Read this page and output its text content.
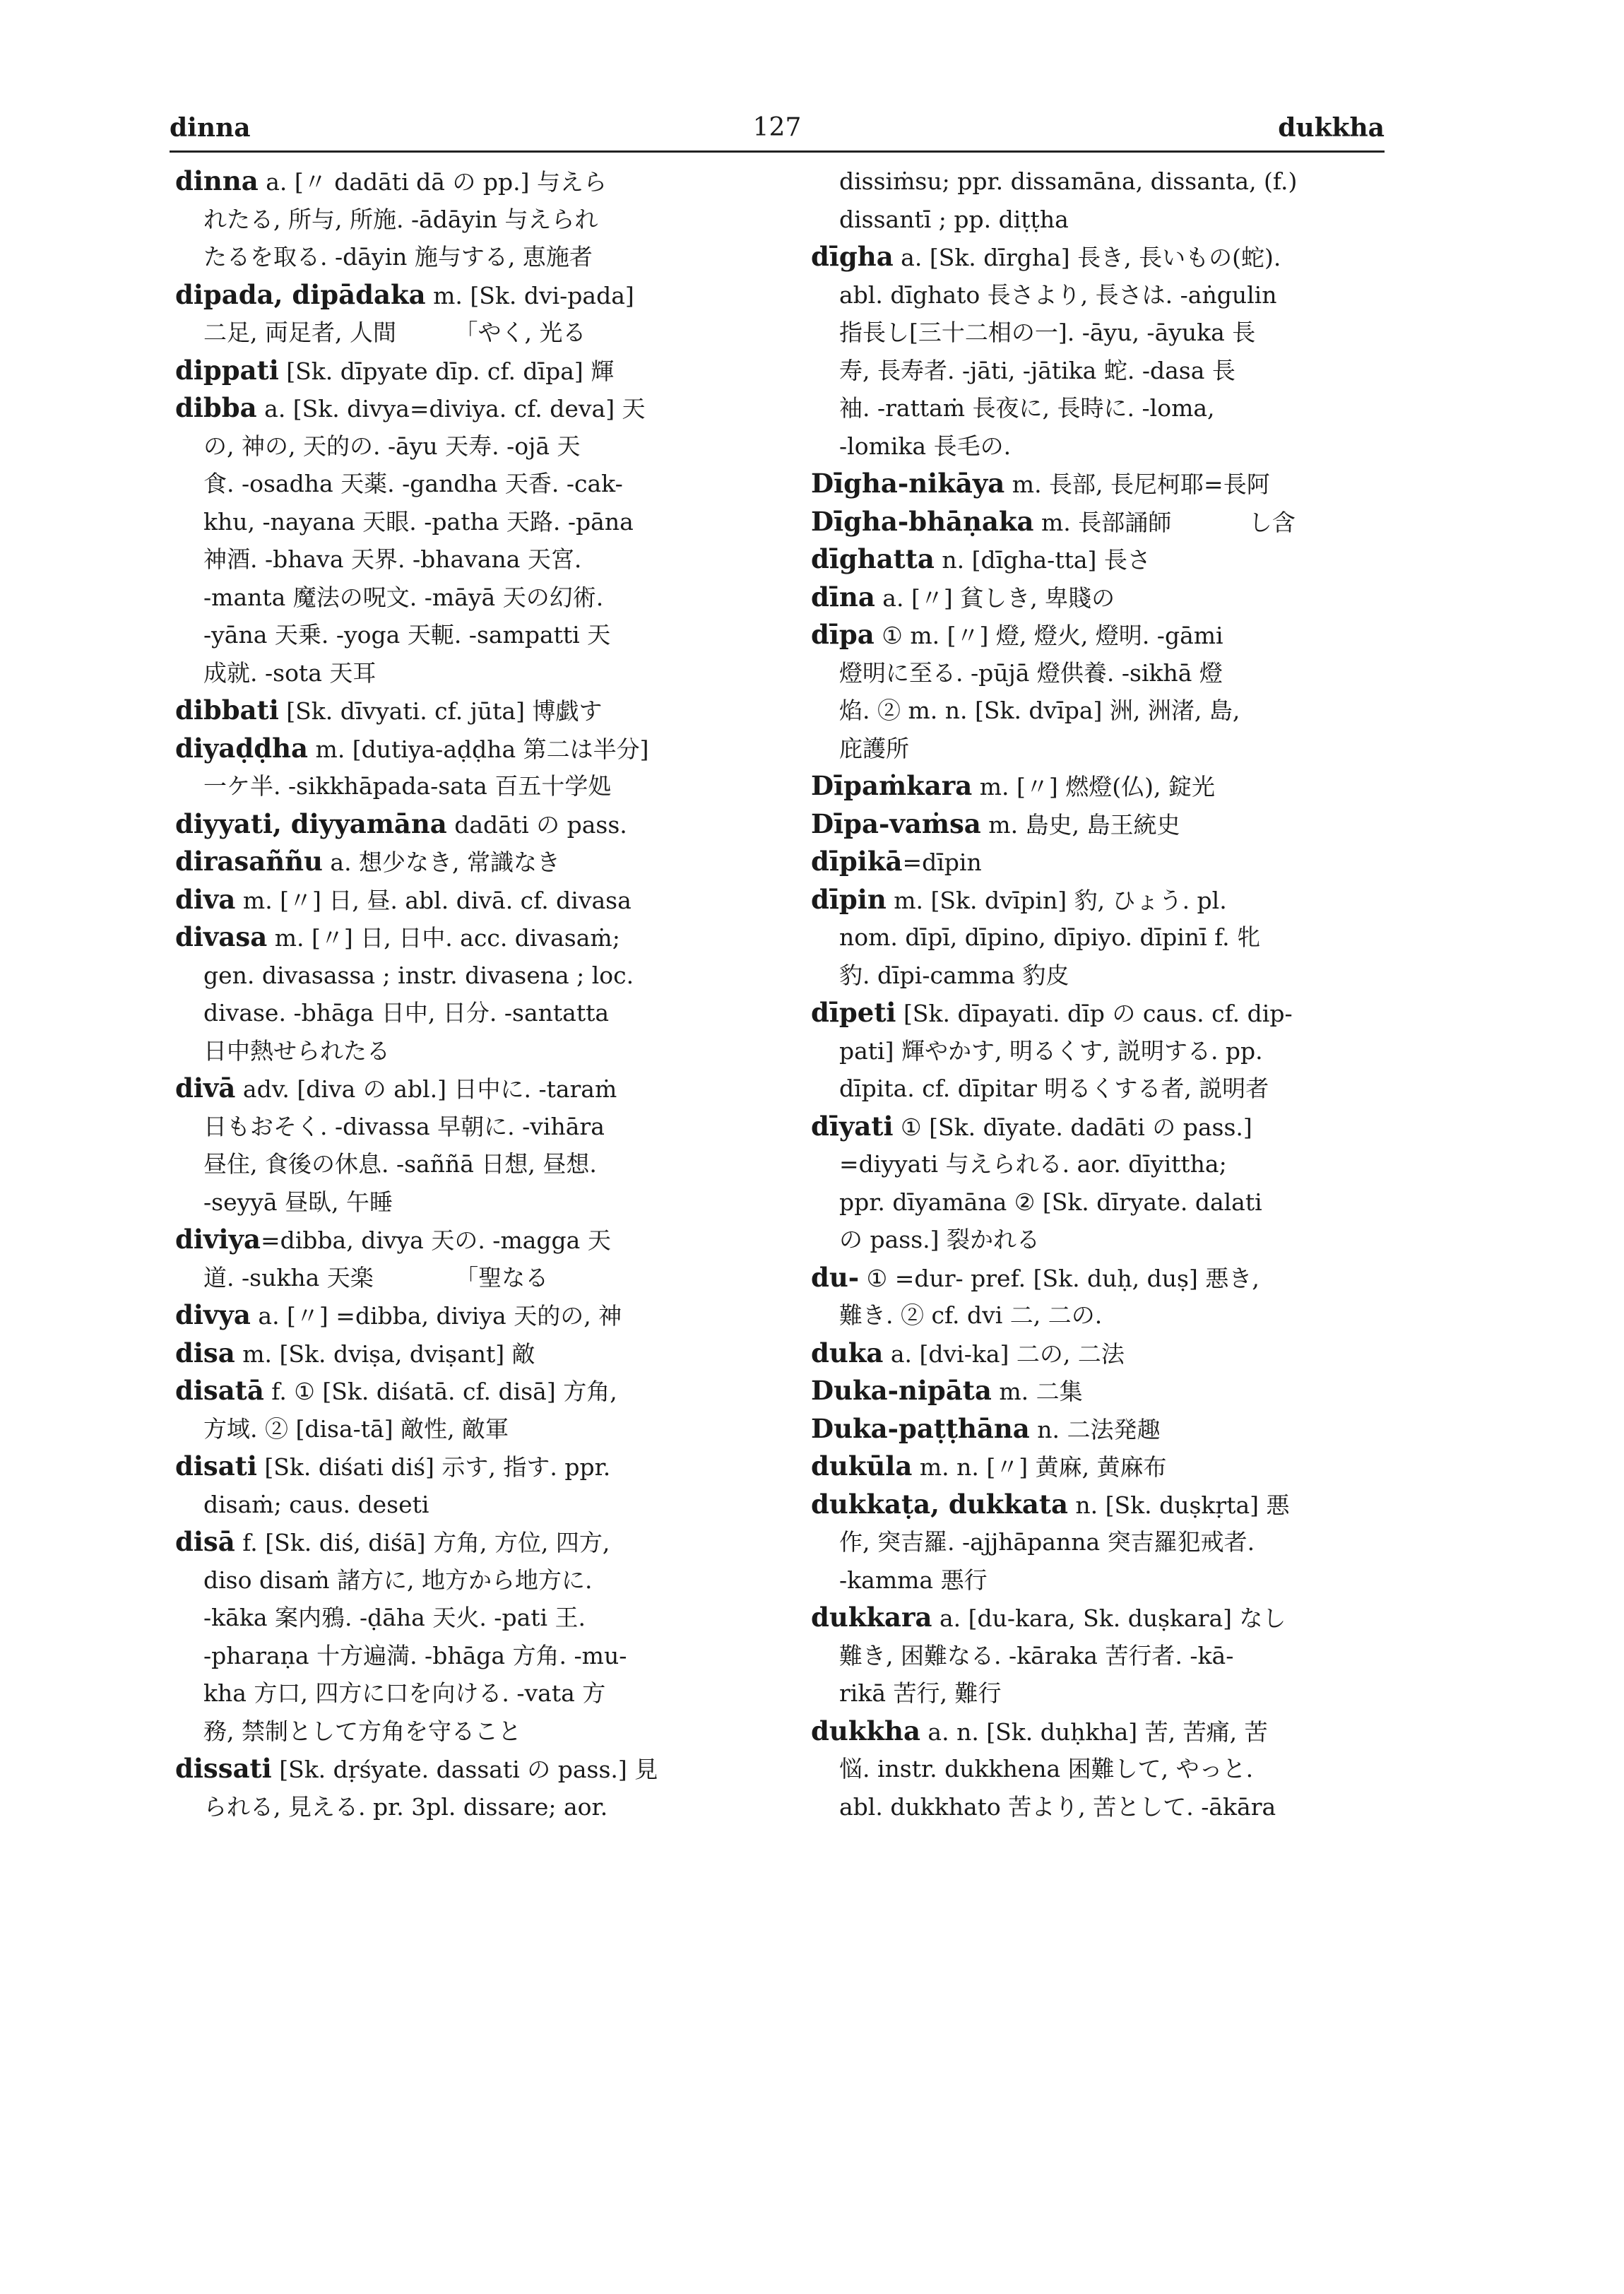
dinna	127	dukkha
dinna a. [〃 dadāti dā の pp.] 与えら
れたる, 所与, 所施. -ādāyin 与えられ
たるを取る. -dāyin 施与する, 恵施者
dipada, dipādaka m. [Sk. dvi-pada]
二足, 両足者, 人間　　　「やく, 光る
dippati [Sk. dīpyate dīp. cf. dīpa] 輝
dibba a. [Sk. divya=diviya. cf. deva] 天
の, 神の, 天的の. -āyu 天寿. -ojā 天
食. -osadha 天薬. -gandha 天香. -cak-
khu, -nayana 天眼. -patha 天路. -pāna
神酒. -bhava 天界. -bhavana 天宮.
-manta 魔法の呪文. -māyā 天の幻術.
-yāna 天乗. -yoga 天軛. -sampatti 天
成就. -sota 天耳
dibbati [Sk. dīvyati. cf. jūta] 博戯す
diyaḍḍha m. [dutiya-aḍḍha 第二は半分]
一ケ半. -sikkhāpada-sata 百五十学処
diyyati, diyyamāna dadāti の pass.
dirasaññu a. 想少なき, 常識なき
diva m. [〃] 日, 昼. abl. divā. cf. divasa
divasa m. [〃] 日, 日中. acc. divasaṁ;
gen. divasassa ; instr. divasena ; loc.
divase. -bhāga 日中, 日分. -santatta
日中熱せられたる
divā adv. [diva の abl.] 日中に. -taraṁ
日もおそく. -divassa 早朝に. -vihāra
昼住, 食後の休息. -saññā 日想, 昼想.
-seyyā 昼臥, 午睡
diviya=dibba, divya 天の. -magga 天
道. -sukha 天楽　　　　「聖なる
divya a. [〃] =dibba, diviya 天的の, 神
disa m. [Sk. dviṣa, dviṣant] 敵
disatā f. ① [Sk. diśatā. cf. disā] 方角,
方域. ② [disa-tā] 敵性, 敵軍
disati [Sk. diśati diś] 示す, 指す. ppr.
disaṁ; caus. deseti
disā f. [Sk. diś, diśā] 方角, 方位, 四方,
diso disaṁ 諸方に, 地方から地方に.
-kāka 案内鴉. -ḍāha 天火. -pati 王.
-pharaṇa 十方遍満. -bhāga 方角. -mu-
kha 方口, 四方に口を向ける. -vata 方
務, 禁制として方角を守ること
dissati [Sk. dṛśyate. dassati の pass.] 見
られる, 見える. pr. 3pl. dissare; aor.
dissiṁsu; ppr. dissamāna, dissanta, (f.)
dissantī ; pp. diṭṭha
dīgha a. [Sk. dīrgha] 長き, 長いもの(蛇).
abl. dīghato 長さより, 長さは. -aṅgulin
指長し[三十二相の一]. -āyu, -āyuka 長
寿, 長寿者. -jāti, -jātika 蛇. -dasa 長
袖. -rattaṁ 長夜に, 長時に. -loma,
-lomika 長毛の.
Dīgha-nikāya m. 長部, 長尼柯耶=長阿
Dīgha-bhāṇaka m. 長部誦師　　　 し含
dīghatta n. [dīgha-tta] 長さ
dīna a. [〃] 貧しき, 卑賤の
dīpa ① m. [〃] 燈, 燈火, 燈明. -gāmi
燈明に至る. -pūjā 燈供養. -sikhā 燈
焰. ② m. n. [Sk. dvīpa] 洲, 洲渚, 島,
庇護所
Dīpaṁkara m. [〃] 燃燈(仏), 錠光
Dīpa-vaṁsa m. 島史, 島王統史
dīpikā=dīpin
dīpin m. [Sk. dvīpin] 豹, ひょう. pl.
nom. dīpī, dīpino, dīpiyo. dīpinī f. 牝
豹. dīpi-camma 豹皮
dīpeti [Sk. dīpayati. dīp の caus. cf. dip-
pati] 輝やかす, 明るくす, 説明する. pp.
dīpita. cf. dīpitar 明るくする者, 説明者
dīyati ① [Sk. dīyate. dadāti の pass.]
=diyyati 与えられる. aor. dīyittha;
ppr. dīyamāna ② [Sk. dīryate. dalati
の pass.] 裂かれる
du- ① =dur- pref. [Sk. duḥ, duṣ] 悪き,
難き. ② cf. dvi 二, 二の.
duka a. [dvi-ka] 二の, 二法
Duka-nipāta m. 二集
Duka-paṭṭhāna n. 二法発趣
dukūla m. n. [〃] 黄麻, 黄麻布
dukkaṭa, dukkata n. [Sk. duṣkṛta] 悪
作, 突吉羅. -ajjhāpanna 突吉羅犯戒者.
-kamma 悪行
dukkara a. [du-kara, Sk. duṣkara] なし
難き, 困難なる. -kāraka 苦行者. -kā-
rikā 苦行, 難行
dukkha a. n. [Sk. duḥkha] 苦, 苦痛, 苦
悩. instr. dukkhena 困難して, やっと.
abl. dukkhato 苦より, 苦として. -ākāra
